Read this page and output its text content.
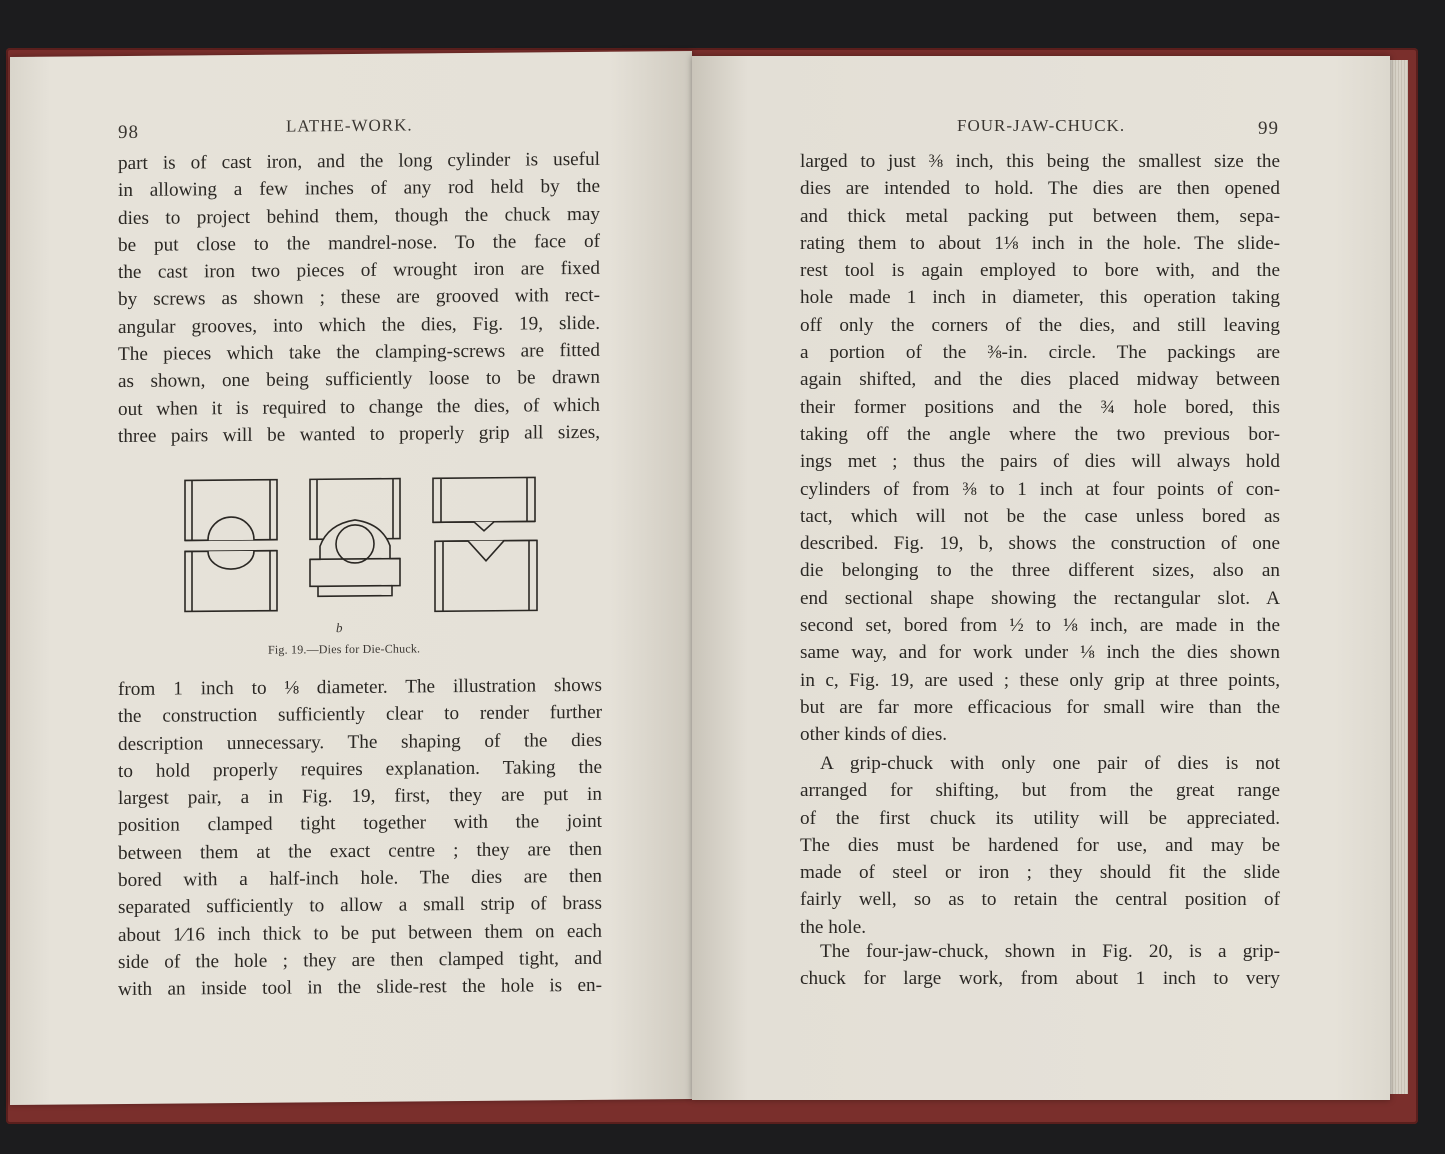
98	LATHE-WORK.
part is of cast iron, and the long cylinder is useful
in allowing a few inches of any rod held by the
dies to project behind them, though the chuck may
be put close to the mandrel-nose. To the face of
the cast iron two pieces of wrought iron are fixed
by screws as shown ; these are grooved with rect-
angular grooves, into which the dies, Fig. 19, slide.
The pieces which take the clamping-screws are fitted
as shown, one being sufficiently loose to be drawn
out when it is required to change the dies, of which
three pairs will be wanted to properly grip all sizes,
b
Fig. 19.—Dies for Die-Chuck.
from 1 inch to ⅛ diameter. The illustration shows
the construction sufficiently clear to render further
description unnecessary. The shaping of the dies
to hold properly requires explanation. Taking the
largest pair, a in Fig. 19, first, they are put in
position clamped tight together with the joint
between them at the exact centre ; they are then
bored with a half-inch hole. The dies are then
separated sufficiently to allow a small strip of brass
about 1⁄16 inch thick to be put between them on each
side of the hole ; they are then clamped tight, and
with an inside tool in the slide-rest the hole is en-
FOUR-JAW-CHUCK.	99
larged to just ⅜ inch, this being the smallest size the
dies are intended to hold. The dies are then opened
and thick metal packing put between them, sepa-
rating them to about 1⅛ inch in the hole. The slide-
rest tool is again employed to bore with, and the
hole made 1 inch in diameter, this operation taking
off only the corners of the dies, and still leaving
a portion of the ⅜-in. circle. The packings are
again shifted, and the dies placed midway between
their former positions and the ¾ hole bored, this
taking off the angle where the two previous bor-
ings met ; thus the pairs of dies will always hold
cylinders of from ⅜ to 1 inch at four points of con-
tact, which will not be the case unless bored as
described. Fig. 19, b, shows the construction of one
die belonging to the three different sizes, also an
end sectional shape showing the rectangular slot. A
second set, bored from ½ to ⅛ inch, are made in the
same way, and for work under ⅛ inch the dies shown
in c, Fig. 19, are used ; these only grip at three points,
but are far more efficacious for small wire than the
other kinds of dies.
A grip-chuck with only one pair of dies is not
arranged for shifting, but from the great range
of the first chuck its utility will be appreciated.
The dies must be hardened for use, and may be
made of steel or iron ; they should fit the slide
fairly well, so as to retain the central position of
the hole.
The four-jaw-chuck, shown in Fig. 20, is a grip-
chuck for large work, from about 1 inch to very
